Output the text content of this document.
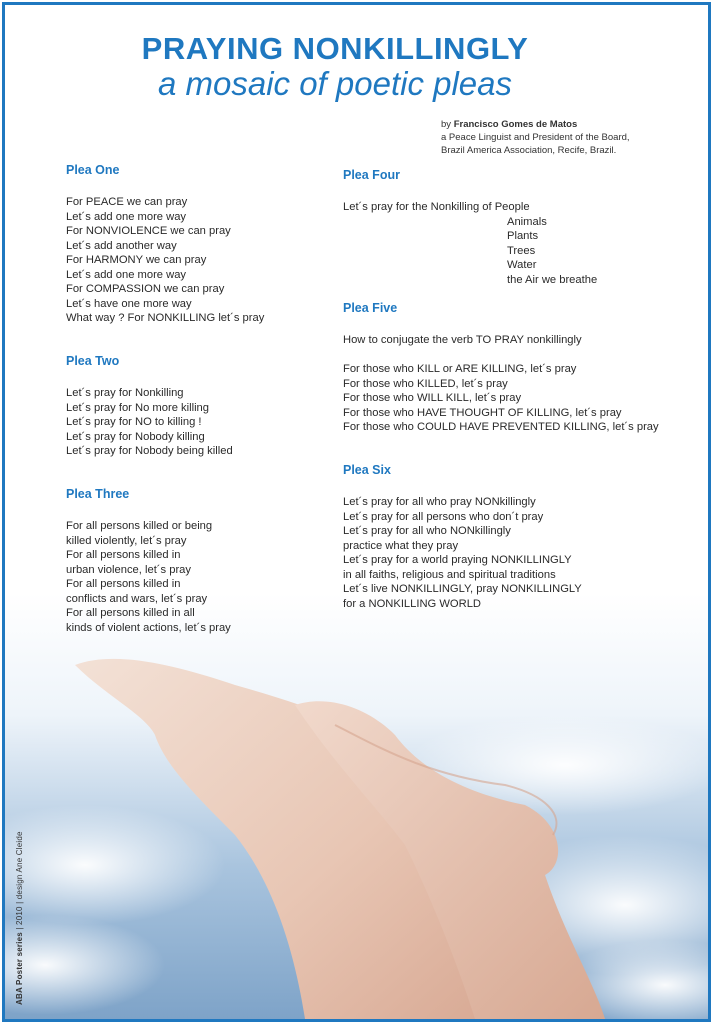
PRAYING NONKILLINGLY
a mosaic of poetic pleas
by Francisco Gomes de Matos
a Peace Linguist and President of the Board,
Brazil America Association, Recife, Brazil.
Plea One
For PEACE we can pray
Let´s add one more way
For NONVIOLENCE we can pray
Let´s add another way
For HARMONY we can pray
Let´s add one more way
For COMPASSION we can pray
Let´s have one more way
What way ? For NONKILLING let´s pray
Plea Two
Let´s pray for Nonkilling
Let´s pray for No more killing
Let´s pray for NO to killing !
Let´s pray for Nobody killing
Let´s pray for Nobody being killed
Plea Three
For all persons killed or being
killed violently, let´s pray
For all persons killed in
urban violence, let´s pray
For all persons killed in
conflicts and wars, let´s pray
For all persons killed in all
kinds of violent actions, let´s pray
Plea Four
Let´s pray for the Nonkilling of People
Animals
Plants
Trees
Water
the Air we breathe
Plea Five
How to conjugate the verb TO PRAY nonkillingly
For those who KILL or ARE KILLING, let´s pray
For those who KILLED, let´s pray
For those who WILL KILL, let´s pray
For those who HAVE THOUGHT OF KILLING, let´s pray
For those who COULD HAVE PREVENTED KILLING, let´s pray
Plea Six
Let´s pray for all who pray NONkillingly
Let´s pray for all persons who don´t pray
Let´s pray for all who NONkillingly
practice what they pray
Let´s pray for a world praying NONKILLINGLY
in all faiths, religious and spiritual traditions
Let´s live NONKILLINGLY, pray NONKILLINGLY
for a NONKILLING WORLD
ABA Poster series | 2010 | design Ane Cleide
